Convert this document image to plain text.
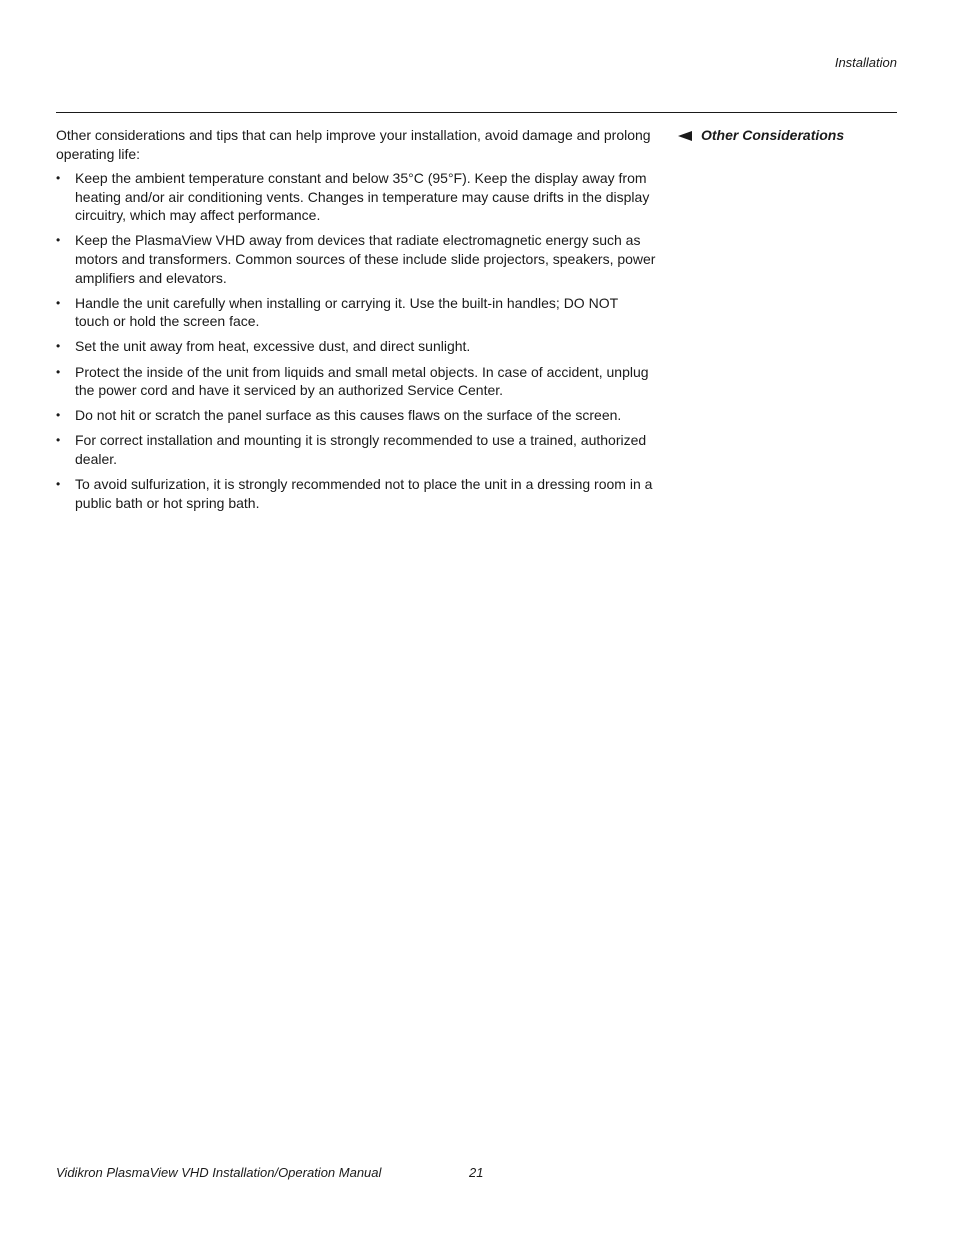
Installation

Other considerations and tips that can help improve your installation, avoid damage and prolong operating life:

• Keep the ambient temperature constant and below 35°C (95°F). Keep the display away from heating and/or air conditioning vents. Changes in temperature may cause drifts in the display circuitry, which may affect performance.
• Keep the PlasmaView VHD away from devices that radiate electromagnetic energy such as motors and transformers. Common sources of these include slide projectors, speakers, power amplifiers and elevators.
• Handle the unit carefully when installing or carrying it. Use the built-in handles; DO NOT touch or hold the screen face.
• Set the unit away from heat, excessive dust, and direct sunlight.
• Protect the inside of the unit from liquids and small metal objects. In case of accident, unplug the power cord and have it serviced by an authorized Service Center.
• Do not hit or scratch the panel surface as this causes flaws on the surface of the screen.
• For correct installation and mounting it is strongly recommended to use a trained, authorized dealer.
• To avoid sulfurization, it is strongly recommended not to place the unit in a dressing room in a public bath or hot spring bath.
Other Considerations
Vidikron PlasmaView VHD Installation/Operation Manual	21
